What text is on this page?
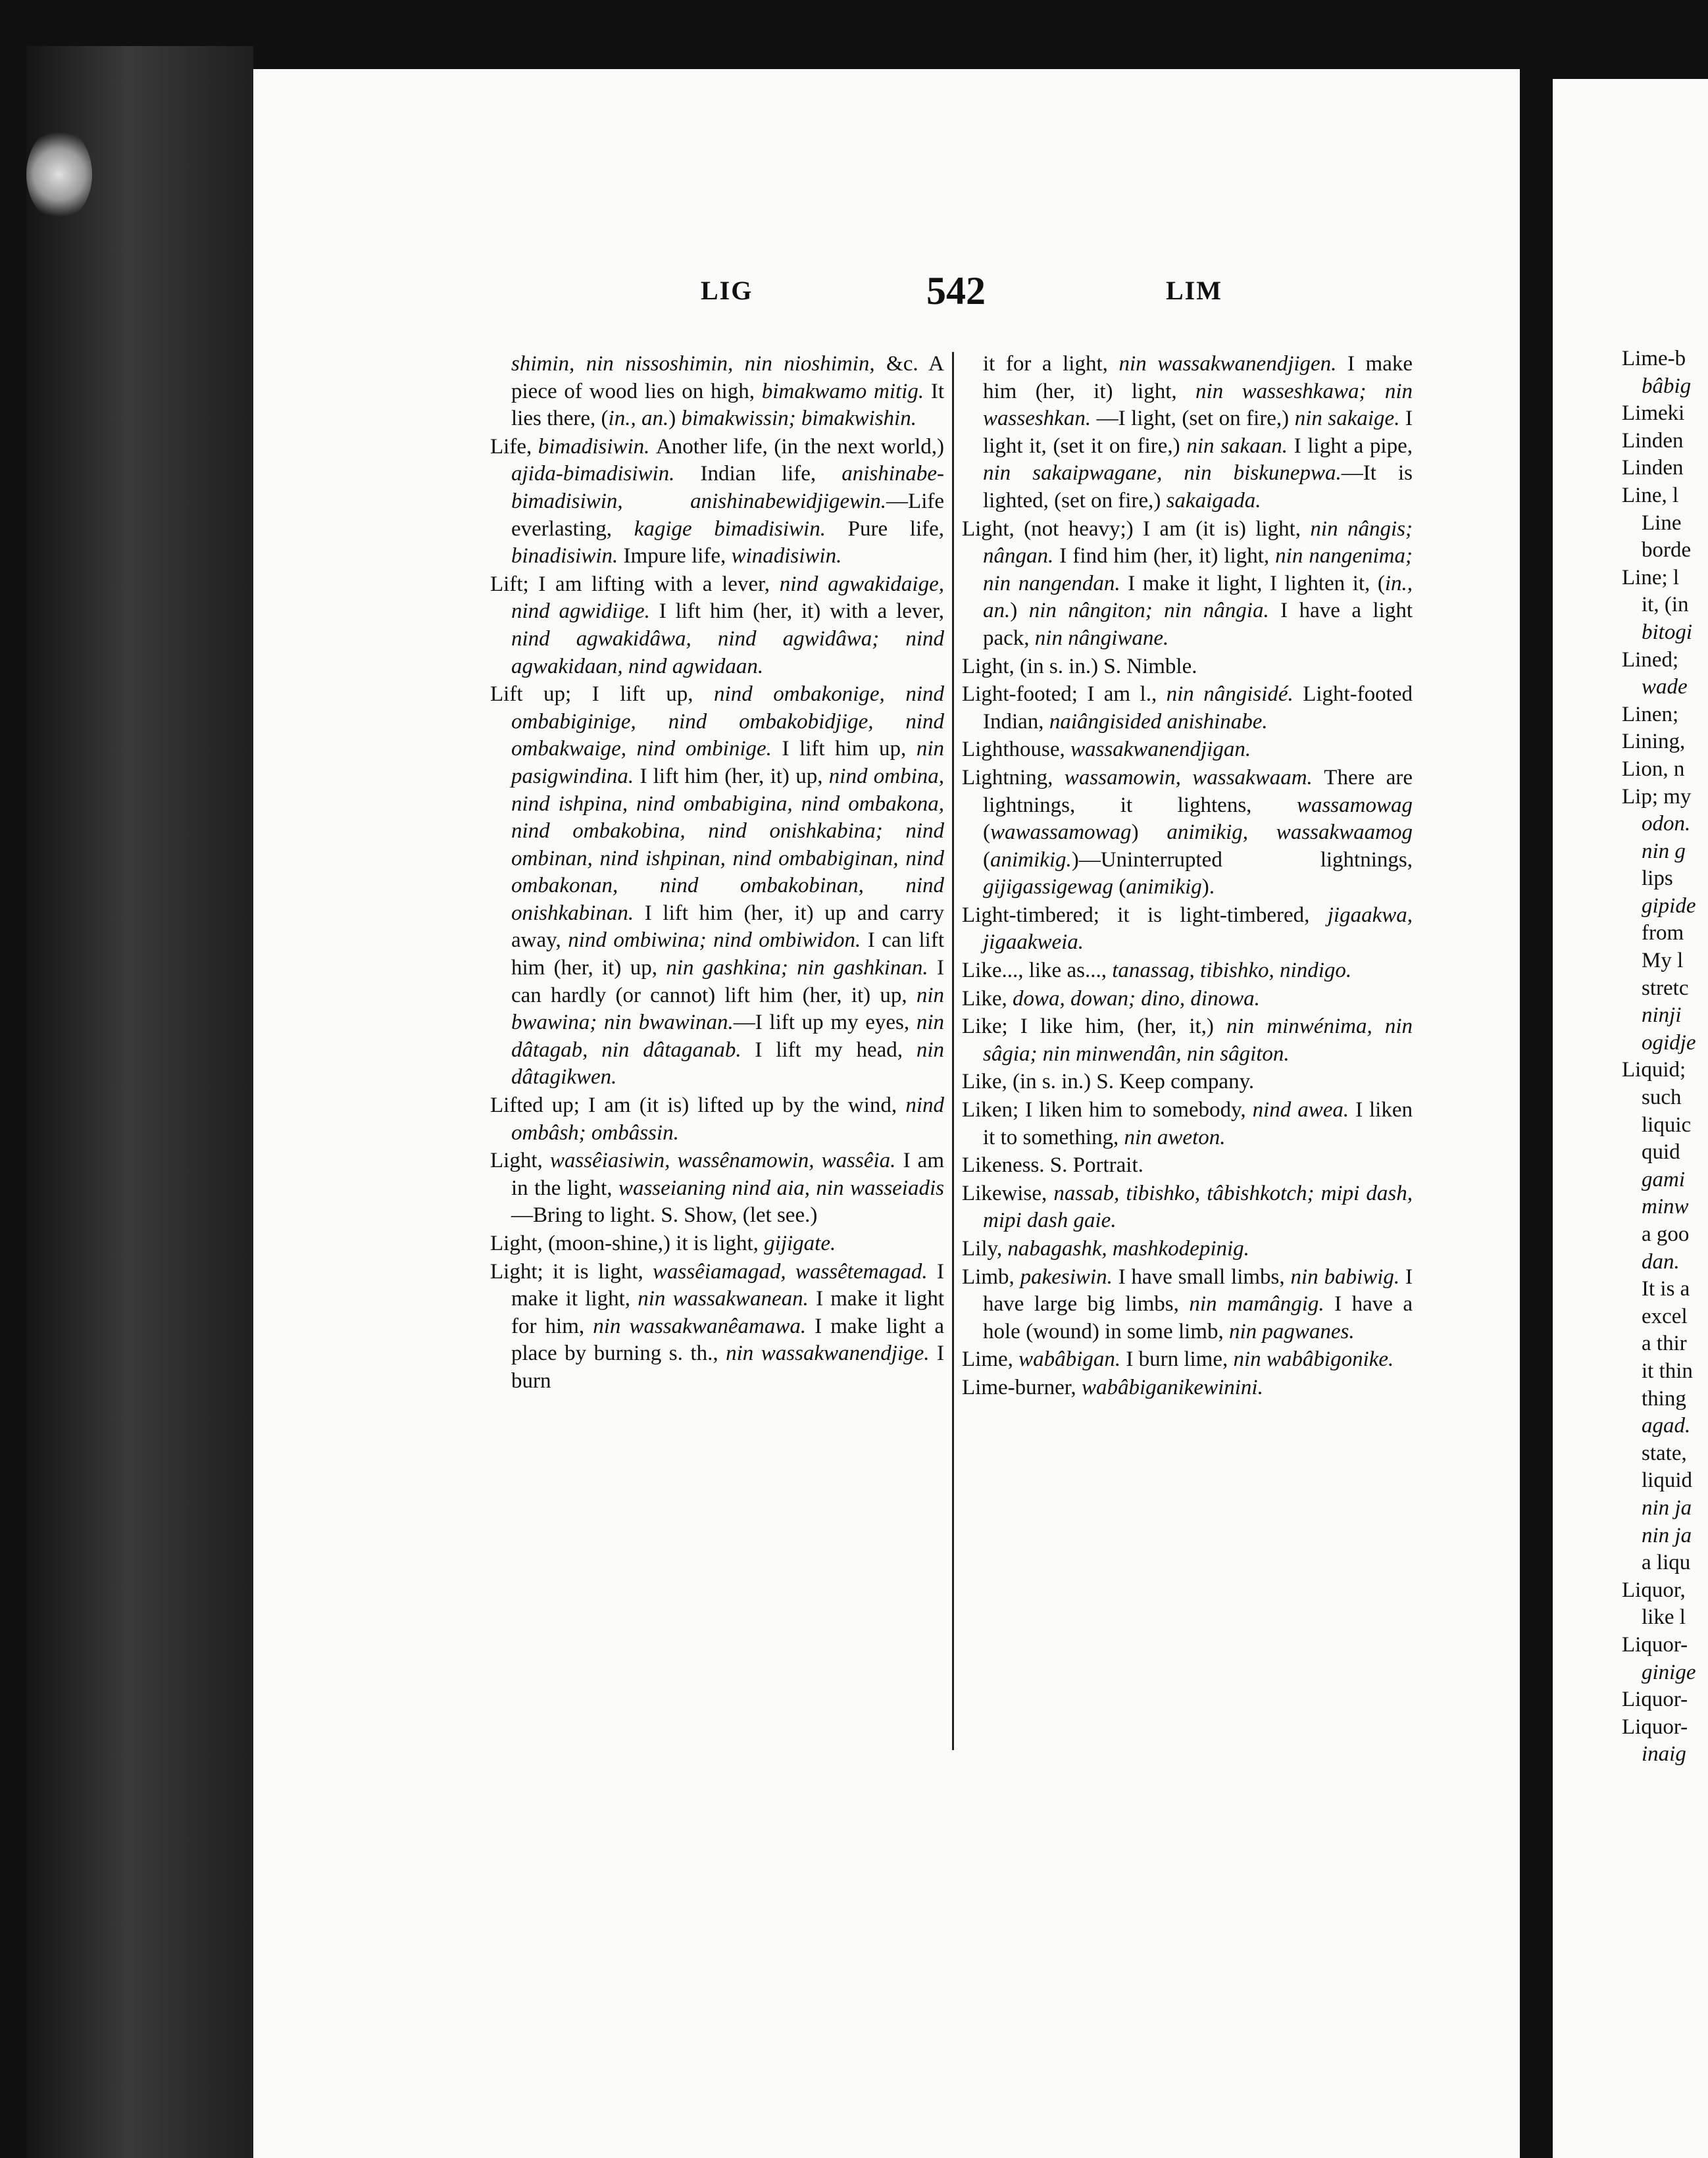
LIG	542	LIM

shimin, nin nissoshimin, nin nioshimin, &c. A piece of wood lies on high, bimakwamo mitig. It lies there, (in., an.) bimakwissin; bimakwishin.

Life, bimadisiwin. Another life, (in the next world,) ajida-bimadisiwin. Indian life, anishinabe-bimadisiwin, anishinabewidjigewin.—Life everlasting, kagige bimadisiwin. Pure life, binadisiwin. Impure life, winadisiwin.

Lift; I am lifting with a lever, nind agwakidaige, nind agwidiige. I lift him (her, it) with a lever, nind agwakidâwa, nind agwidâwa; nind agwakidaan, nind agwidaan.

Lift up; I lift up, nind ombakonige, nind ombabiginige, nind ombakobidjige, nind ombakwaige, nind ombinige. I lift him up, nin pasigwindina. I lift him (her, it) up, nind ombina, nind ishpina, nind ombabigina, nind ombakona, nind ombakobina, nind onishkabina; nind ombinan, nind ishpinan, nind ombabiginan, nind ombakonan, nind ombakobinan, nind onishkabinan. I lift him (her, it) up and carry away, nind ombiwina; nind ombiwidon. I can lift him (her, it) up, nin gashkina; nin gashkinan. I can hardly (or cannot) lift him (her, it) up, nin bwawina; nin bwawinan.—I lift up my eyes, nin dâtagab, nin dâtaganab. I lift my head, nin dâtagikwen.

Lifted up; I am (it is) lifted up by the wind, nind ombâsh; ombâssin.

Light, wassêiasiwin, wassênamowin, wassêia. I am in the light, wasseianing nind aia, nin wasseiadis —Bring to light. S. Show, (let see.)

Light, (moon-shine,) it is light, gijigate.

Light; it is light, wassêiamagad, wassêtemagad. I make it light, nin wassakwanean. I make it light for him, nin wassakwanêamawa. I make light a place by burning s. th., nin wassakwanendjige. I burn

it for a light, nin wassakwanendjigen. I make him (her, it) light, nin wasseshkawa; nin wasseshkan. —I light, (set on fire,) nin sakaige. I light it, (set it on fire,) nin sakaan. I light a pipe, nin sakaipwagane, nin biskunepwa.—It is lighted, (set on fire,) sakaigada.

Light, (not heavy;) I am (it is) light, nin nângis; nângan. I find him (her, it) light, nin nangenima; nin nangendan. I make it light, I lighten it, (in., an.) nin nângiton; nin nângia. I have a light pack, nin nângiwane.

Light, (in s. in.) S. Nimble.

Light-footed; I am l., nin nângisidé. Light-footed Indian, naiângisided anishinabe.

Lighthouse, wassakwanendjigan.

Lightning, wassamowin, wassakwaam. There are lightnings, it lightens, wassamowag (wawassamowag) animikig, wassakwaamog (animikig.)—Uninterrupted lightnings, gijigassigewag (animikig).

Light-timbered; it is light-timbered, jigaakwa, jigaakweia.

Like..., like as..., tanassag, tibishko, nindigo.

Like, dowa, dowan; dino, dinowa.

Like; I like him, (her, it,) nin minwénima, nin sâgia; nin minwendân, nin sâgiton.

Like, (in s. in.) S. Keep company.

Liken; I liken him to somebody, nind awea. I liken it to something, nin aweton.

Likeness. S. Portrait.

Likewise, nassab, tibishko, tâbishkotch; mipi dash, mipi dash gaie.

Lily, nabagashk, mashkodepinig.

Limb, pakesiwin. I have small limbs, nin babiwig. I have large big limbs, nin mamângig. I have a hole (wound) in some limb, nin pagwanes.

Lime, wabâbigan. I burn lime, nin wabâbigonike.

Lime-burner, wabâbiganikewinini.

Lime-b
bâbig
Limeki
Linden
Linden
Line, l
Line
borde
Line; l
it, (in
bitogi
Lined;
wade
Linen;
Lining,
Lion, n
Lip; my
odon.
nin g
lips
gipide
from
My l
stretc
ninji
ogidje
Liquid;
such
liquic
quid
gami
minw
a goo
dan.
It is a
excel
a thir
it thin
thing
agad.
state,
liquid
nin ja
nin ja
a liqu
Liquor,
like l
Liquor-
ginige
Liquor-
Liquor-
inaig
